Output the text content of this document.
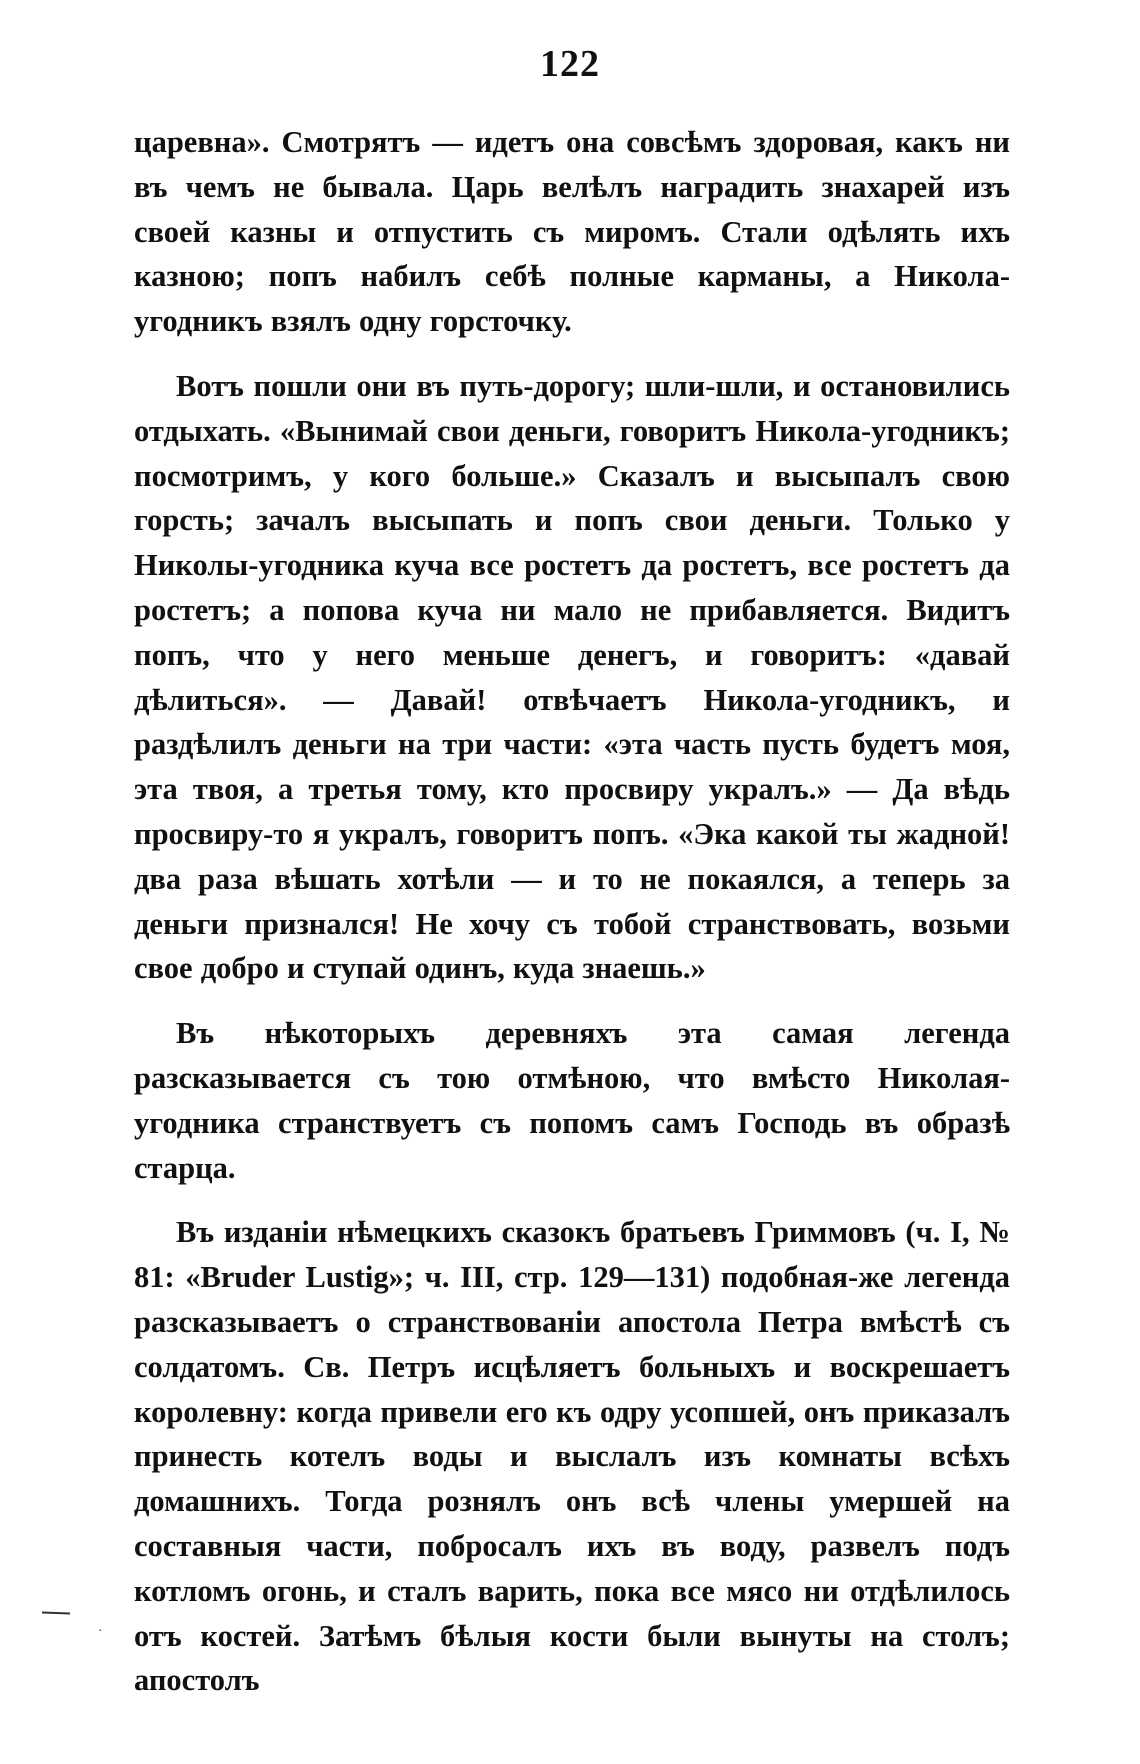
122

царевна». Смотрятъ — идетъ она совсѣмъ здоровая, какъ ни въ чемъ не бывала. Царь велѣлъ наградить знахарей изъ своей казны и отпустить съ миромъ. Стали одѣлять ихъ казною; попъ набилъ себѣ полные карманы, а Никола-угодникъ взялъ одну горсточку.

Вотъ пошли они въ путь-дорогу; шли-шли, и остановились отдыхать. «Вынимай свои деньги, говоритъ Никола-угодникъ; посмотримъ, у кого больше.» Сказалъ и высыпалъ свою горсть; зачалъ высыпать и попъ свои деньги. Только у Николы-угодника куча все ростетъ да ростетъ, все ростетъ да ростетъ; а попова куча ни мало не прибавляется. Видитъ попъ, что у него меньше денегъ, и говоритъ: «давай дѣлиться». — Давай! отвѣчаетъ Никола-угодникъ, и раздѣлилъ деньги на три части: «эта часть пусть будетъ моя, эта твоя, а третья тому, кто просвиру укралъ.» — Да вѣдь просвиру-то я укралъ, говоритъ попъ. «Эка какой ты жадной! два раза вѣшать хотѣли — и то не покаялся, а теперь за деньги признался! Не хочу съ тобой странствовать, возьми свое добро и ступай одинъ, куда знаешь.»

Въ нѣкоторыхъ деревняхъ эта самая легенда разсказывается съ тою отмѣною, что вмѣсто Николая-угодника странствуетъ съ попомъ самъ Господь въ образѣ старца.

Въ изданіи нѣмецкихъ сказокъ братьевъ Гриммовъ (ч. I, № 81: «Bruder Lustig»; ч. III, стр. 129—131) подобная-же легенда разсказываетъ о странствованіи апостола Петра вмѣстѣ съ солдатомъ. Св. Петръ исцѣляетъ больныхъ и воскрешаетъ королевну: когда привели его къ одру усопшей, онъ приказалъ принесть котелъ воды и выслалъ изъ комнаты всѣхъ домашнихъ. Тогда рознялъ онъ всѣ члены умершей на составныя части, побросалъ ихъ въ воду, развелъ подъ котломъ огонь, и сталъ варить, пока все мясо ни отдѣлилось отъ костей. Затѣмъ бѣлыя кости были вынуты на столъ; апостолъ

·
